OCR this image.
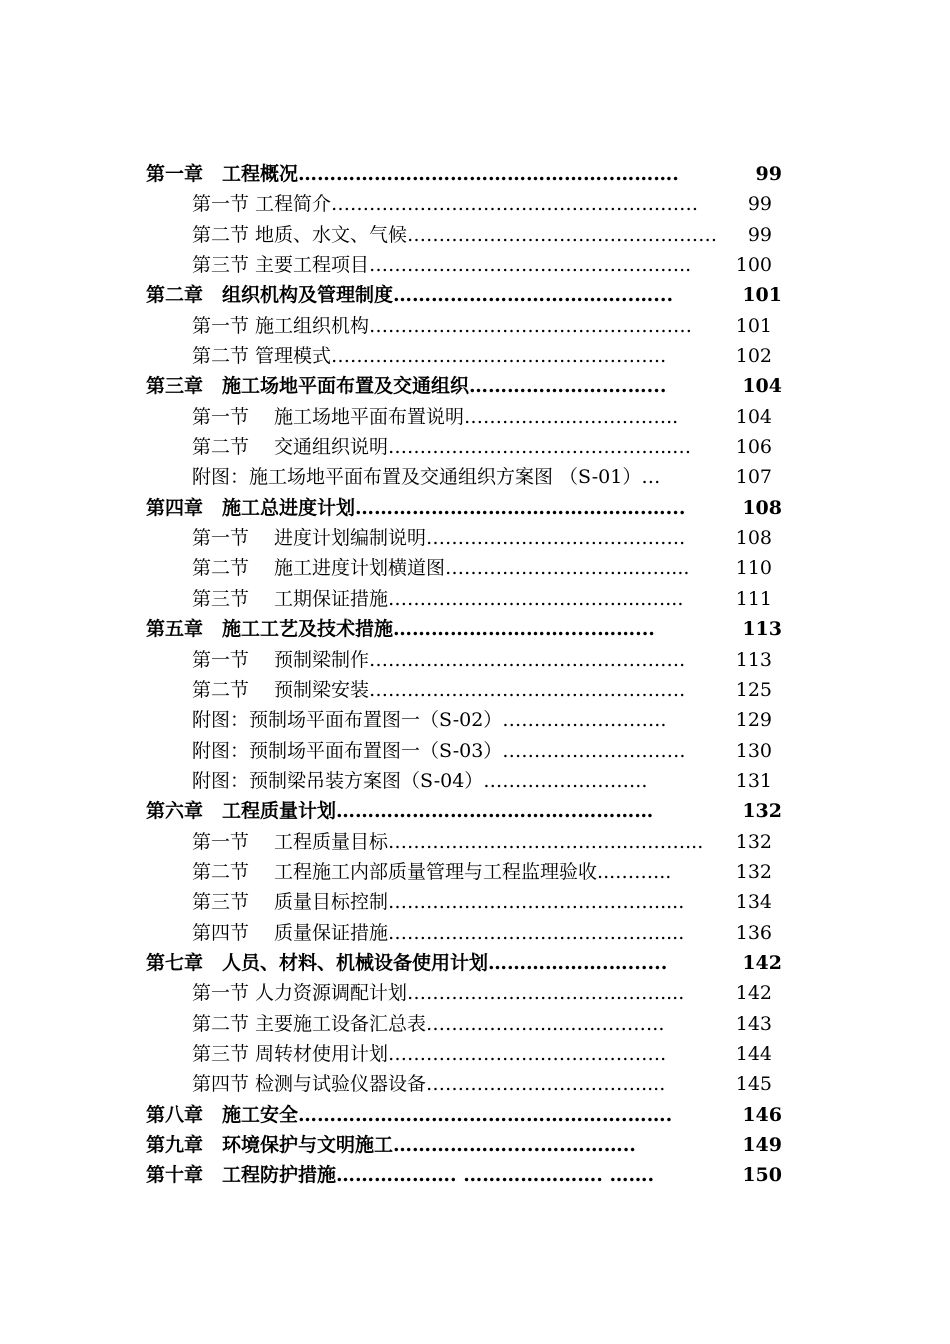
第一章　工程概况…………………………………………..……….	99
第一节 工程简介…………………………………………….……	99
第二节 地质、水文、气候…………………………………….…… 99
第三节 主要工程项目……………………………………….….. 100
第二章　组织机构及管理制度………………………………..…...	101
第一节 施工组织机构…………………………………………… 101
第二节 管理模式……………………………………………..	102
第三章　施工场地平面布置及交通组织…………………….…...	104
第一节　 施工场地平面布置说明……………..……………..	104
第二节　 交通组织说明……………………………………...… 106
附图：施工场地平面布置及交通组织方案图 （S-01）…	107
第四章　施工总进度计划……………………………………….…...	108
第一节　 进度计划编制说明……………………………….….	108
第二节　 施工进度计划横道图……………………….....….... 110
第三节　 工期保证措施……………………………….....…...	111
第五章　施工工艺及技术措施……………………….....……...	113
第一节　 预制梁制作……………………………………….….	113
第二节　 预制梁安装……………………………………….….	125
附图：预制场平面布置图一（S-02）……………………..	129
附图：预制场平面布置图一（S-03）………………….…….	130
附图：预制梁吊装方案图（S-04）……………………..	131
第六章　工程质量计划………………………………..…………	132
第一节　 工程质量目标………………………………..………... 132
第二节　 工程施工内部质量管理与工程监理验收...……...	132
第三节　 质量目标控制…………………………………….....	134
第四节　 质量保证措施…………………………………….....	136
第七章　人员、材料、机械设备使用计划……………….…......	142
第一节 人力资源调配计划…………………………….……....	142
第二节 主要施工设备汇总表……………….....….………..	143
第三节 周转材使用计划…………………….……………….	144
第四节 检测与试验仪器设备…………………………….....	145
第八章　施工安全…………………………………………….…….	146
第九章　环境保护与文明施工……………….....….………..	149
第十章　工程防护措施………………. …………………. …….	150
